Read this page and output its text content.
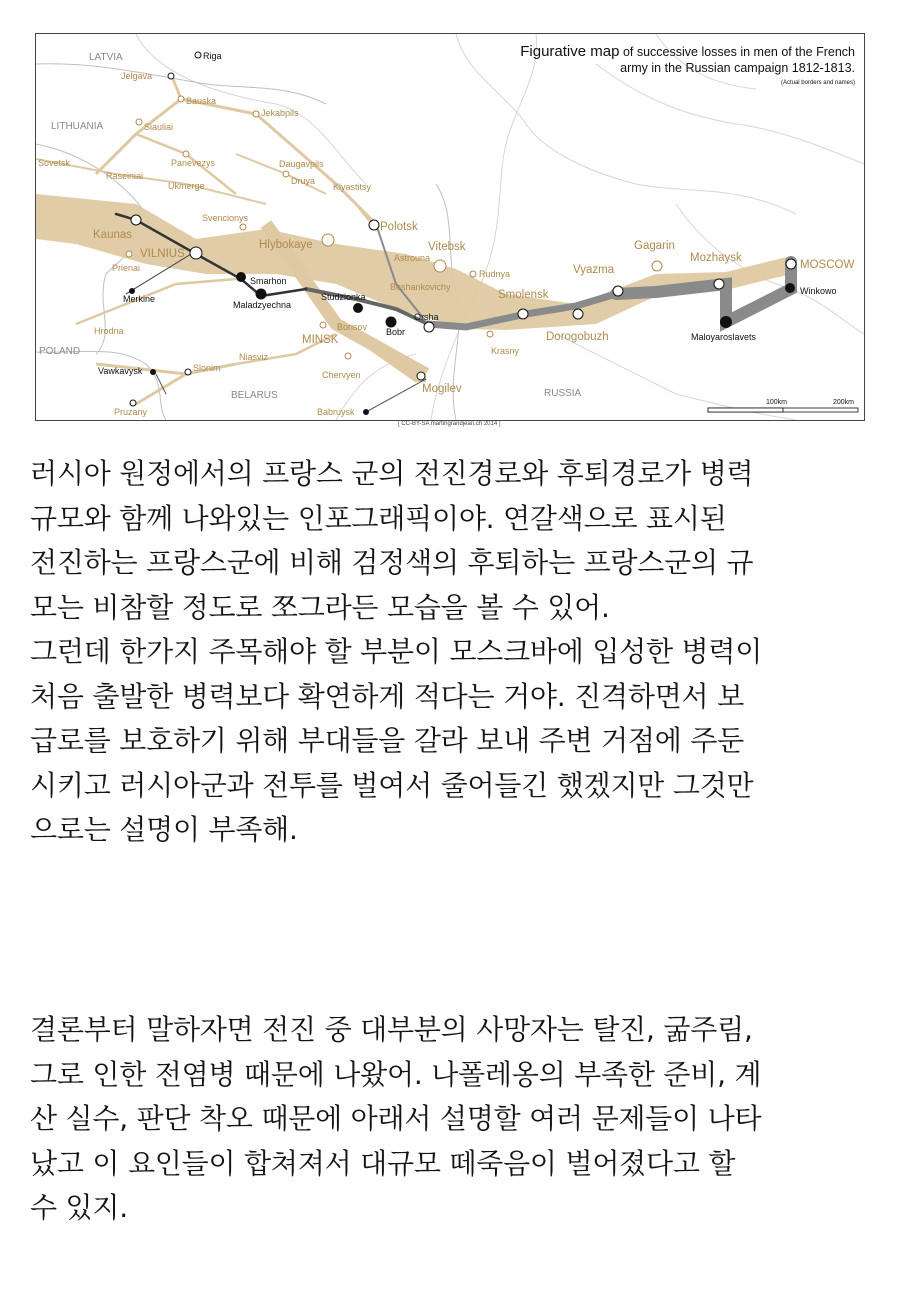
LATVIA
LITHUANIA
POLAND
BELARUS	RUSSIA
Riga
Jelgava
Bauska
Jekabpils
Siauliai
Panevezys
Sovetsk
Raseiniai
Ukmerge
Daugavpils
Druya
Klyastitsy
Svencionys
Kaunas
VILNIUS
Prienai
Hlybokaye
Polotsk
Vitebsk
Astrouna
Beshankovichy
Smarhon
Maladzyechna
Merkine
Hrodna
Studzionka
Borisov Bobr
Orsha
MINSK
Niasviz
Chervyen
Mogilev
Babruysk
Vawkavysk	Slonim
Pruzany
Rudnya
Smolensk
Krasny
Dorogobuzh
Vyazma
Gagarin
Mozhaysk
MOSCOW
Winkowo
Maloyaroslavets
Figurative map of successive losses in men of the French
army in the Russian campaign 1812-1813.
(Actual borders and names)
100km	200km
[ CC-BY-SA martingrandjean.ch 2014 ]
러시아 원정에서의 프랑스 군의 전진경로와 후퇴경로가 병력
규모와 함께 나와있는 인포그래픽이야. 연갈색으로 표시된
전진하는 프랑스군에 비해 검정색의 후퇴하는 프랑스군의 규
모는 비참할 정도로 쪼그라든 모습을 볼 수 있어.
그런데 한가지 주목해야 할 부분이 모스크바에 입성한 병력이
처음 출발한 병력보다 확연하게 적다는 거야. 진격하면서 보
급로를 보호하기 위해 부대들을 갈라 보내 주변 거점에 주둔
시키고 러시아군과 전투를 벌여서 줄어들긴 했겠지만 그것만
으로는 설명이 부족해.
결론부터 말하자면 전진 중 대부분의 사망자는 탈진, 굶주림,
그로 인한 전염병 때문에 나왔어. 나폴레옹의 부족한 준비, 계
산 실수, 판단 착오 때문에 아래서 설명할 여러 문제들이 나타
났고 이 요인들이 합쳐져서 대규모 떼죽음이 벌어졌다고 할
수 있지.
